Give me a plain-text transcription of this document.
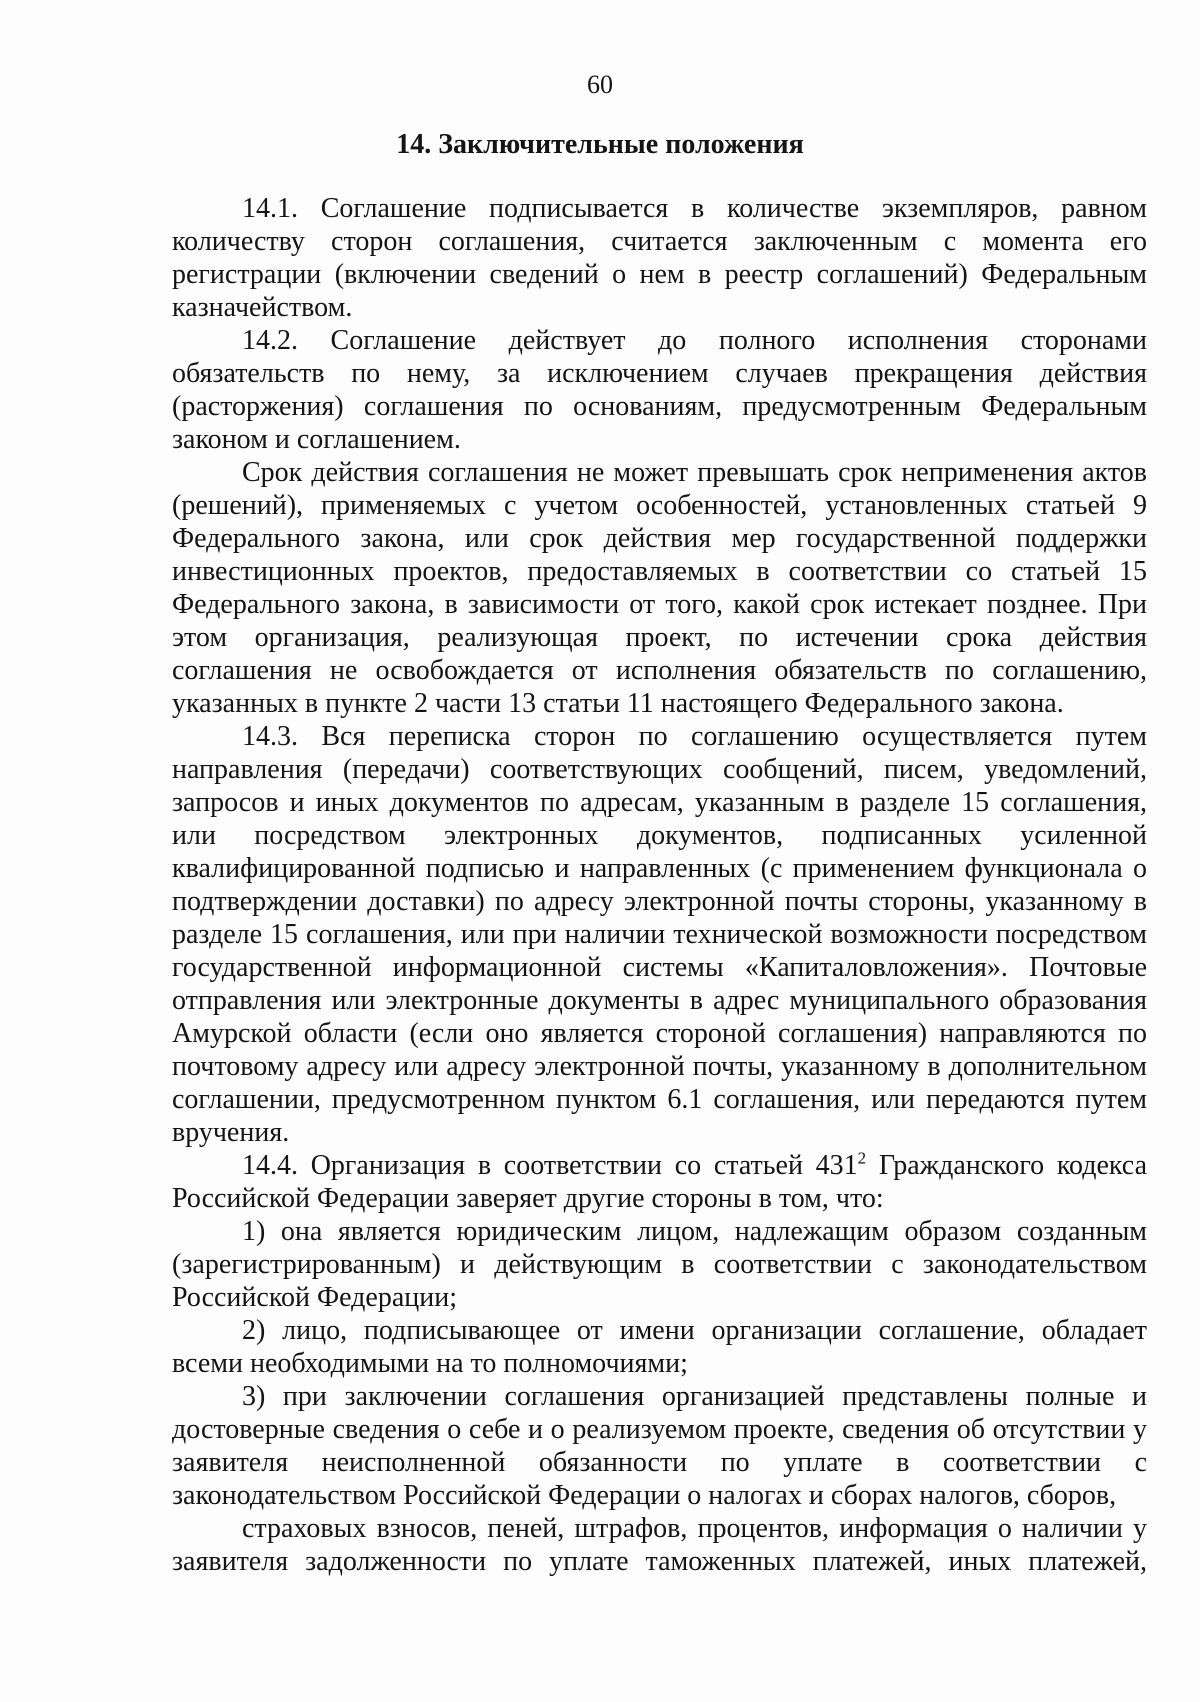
60
14. Заключительные положения

14.1. Соглашение подписывается в количестве экземпляров, равном количеству сторон соглашения, считается заключенным с момента его регистрации (включении сведений о нем в реестр соглашений) Федеральным казначейством.

14.2. Соглашение действует до полного исполнения сторонами обязательств по нему, за исключением случаев прекращения действия (расторжения) соглашения по основаниям, предусмотренным Федеральным законом и соглашением.

Срок действия соглашения не может превышать срок неприменения актов (решений), применяемых с учетом особенностей, установленных статьей 9 Федерального закона, или срок действия мер государственной поддержки инвестиционных проектов, предоставляемых в соответствии со статьей 15 Федерального закона, в зависимости от того, какой срок истекает позднее. При этом организация, реализующая проект, по истечении срока действия соглашения не освобождается от исполнения обязательств по соглашению, указанных в пункте 2 части 13 статьи 11 настоящего Федерального закона.

14.3. Вся переписка сторон по соглашению осуществляется путем направления (передачи) соответствующих сообщений, писем, уведомлений, запросов и иных документов по адресам, указанным в разделе 15 соглашения, или посредством электронных документов, подписанных усиленной квалифицированной подписью и направленных (с применением функционала о подтверждении доставки) по адресу электронной почты стороны, указанному в разделе 15 соглашения, или при наличии технической возможности посредством государственной информационной системы «Капиталовложения». Почтовые отправления или электронные документы в адрес муниципального образования Амурской области (если оно является стороной соглашения) направляются по почтовому адресу или адресу электронной почты, указанному в дополнительном соглашении, предусмотренном пунктом 6.1 соглашения, или передаются путем вручения.

14.4. Организация в соответствии со статьей $431^2$ Гражданского кодекса Российской Федерации заверяет другие стороны в том, что:

1) она является юридическим лицом, надлежащим образом созданным (зарегистрированным) и действующим в соответствии с законодательством Российской Федерации;

2) лицо, подписывающее от имени организации соглашение, обладает всеми необходимыми на то полномочиями;

3) при заключении соглашения организацией представлены полные и достоверные сведения о себе и о реализуемом проекте, сведения об отсутствии у заявителя неисполненной обязанности по уплате в соответствии с законодательством Российской Федерации о налогах и сборах налогов, сборов,

страховых взносов, пеней, штрафов, процентов, информация о наличии у заявителя задолженности по уплате таможенных платежей, иных платежей,
